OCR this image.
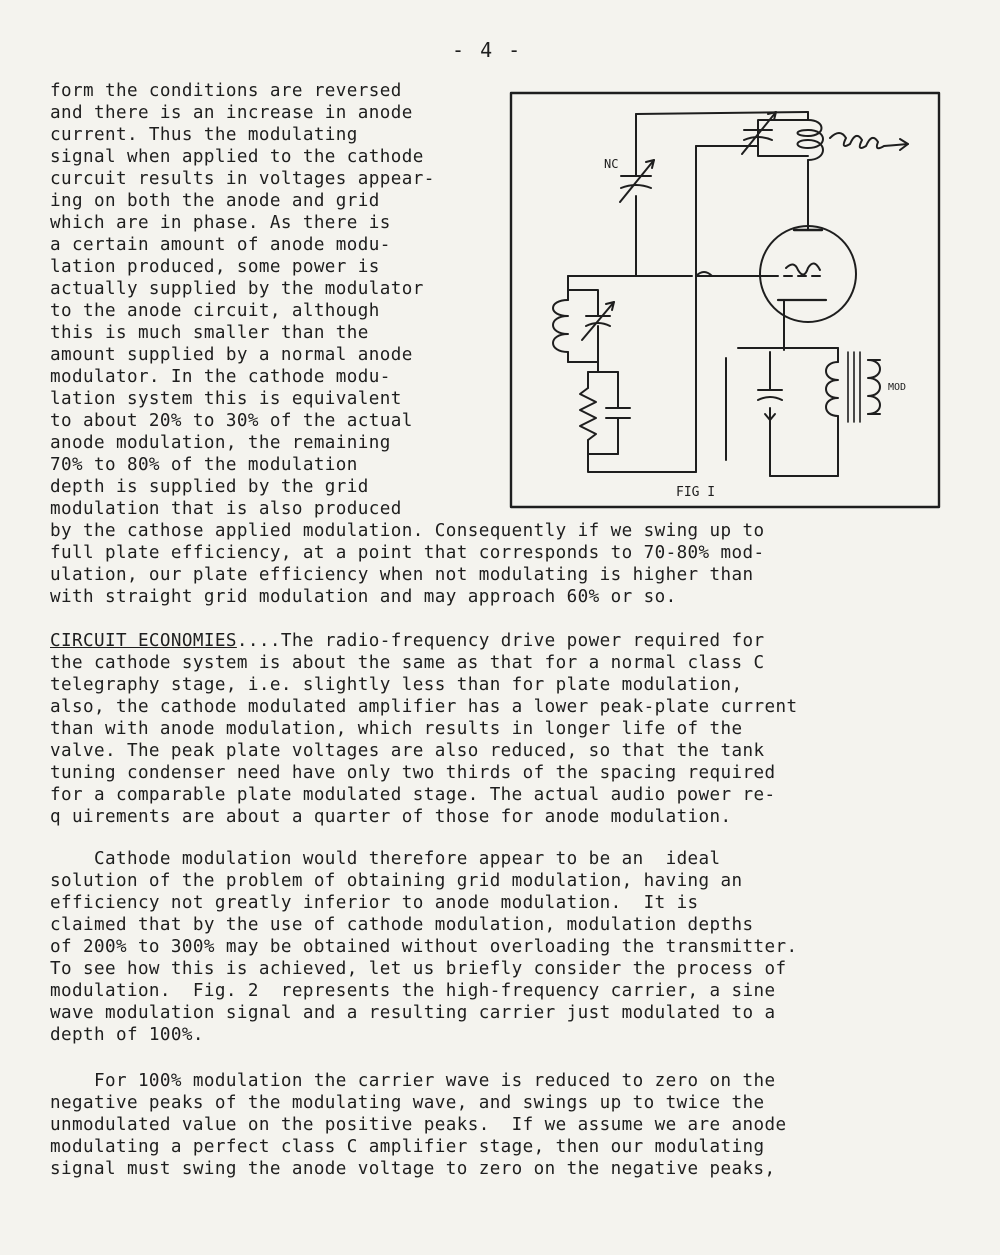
- 4 -
form the conditions are reversed
and there is an increase in anode
current. Thus the modulating
signal when applied to the cathode
curcuit results in voltages appear-
ing on both the anode and grid
which are in phase. As there is
a certain amount of anode modu-
lation produced, some power is
actually supplied by the modulator
to the anode circuit, although
this is much smaller than the
amount supplied by a normal anode
modulator. In the cathode modu-
lation system this is equivalent
to about 20% to 30% of the actual
anode modulation, the remaining
70% to 80% of the modulation
depth is supplied by the grid
modulation that is also produced
by the cathose applied modulation. Consequently if we swing up to
full plate efficiency, at a point that corresponds to 70-80% mod-
ulation, our plate efficiency when not modulating is higher than
with straight grid modulation and may approach 60% or so.
CIRCUIT ECONOMIES....The radio-frequency drive power required for
the cathode system is about the same as that for a normal class C
telegraphy stage, i.e. slightly less than for plate modulation,
also, the cathode modulated amplifier has a lower peak-plate current
than with anode modulation, which results in longer life of the
valve. The peak plate voltages are also reduced, so that the tank
tuning condenser need have only two thirds of the spacing required
for a comparable plate modulated stage. The actual audio power re-
q uirements are about a quarter of those for anode modulation.
Cathode modulation would therefore appear to be an  ideal
solution of the problem of obtaining grid modulation, having an
efficiency not greatly inferior to anode modulation.  It is
claimed that by the use of cathode modulation, modulation depths
of 200% to 300% may be obtained without overloading the transmitter.
To see how this is achieved, let us briefly consider the process of
modulation.  Fig. 2  represents the high-frequency carrier, a sine
wave modulation signal and a resulting carrier just modulated to a
depth of 100%.
For 100% modulation the carrier wave is reduced to zero on the
negative peaks of the modulating wave, and swings up to twice the
unmodulated value on the positive peaks.  If we assume we are anode
modulating a perfect class C amplifier stage, then our modulating
signal must swing the anode voltage to zero on the negative peaks,
NC
MOD
FIG I
